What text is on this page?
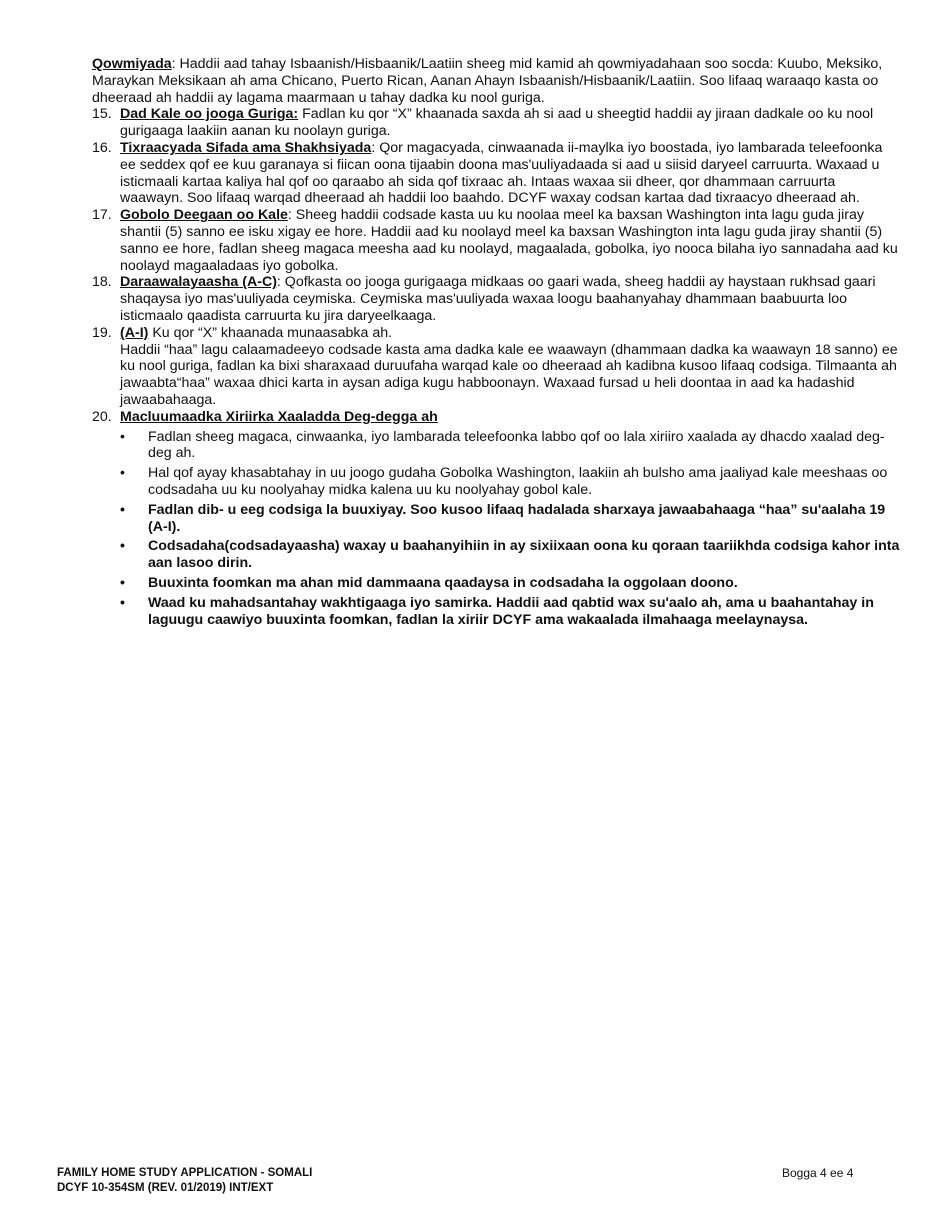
Qowmiyada: Haddii aad tahay Isbaanish/Hisbaanik/Laatiin sheeg mid kamid ah qowmiyadahaan soo socda: Kuubo, Meksiko, Maraykan Meksikaan ah ama Chicano, Puerto Rican, Aanan Ahayn Isbaanish/Hisbaanik/Laatiin. Soo lifaaq waraaqo kasta oo dheeraad ah haddii ay lagama maarmaan u tahay dadka ku nool guriga.

15. Dad Kale oo jooga Guriga: Fadlan ku qor “X” khaanada saxda ah si aad u sheegtid haddii ay jiraan dadkale oo ku nool gurigaaga laakiin aanan ku noolayn guriga.
16. Tixraacyada Sifada ama Shakhsiyada: Qor magacyada, cinwaanada ii-maylka iyo boostada, iyo lambarada teleefoonka ee seddex qof ee kuu garanaya si fiican oona tijaabin doona mas'uuliyadaada si aad u siisid daryeel carruurta. Waxaad u isticmaali kartaa kaliya hal qof oo qaraabo ah sida qof tixraac ah. Intaas waxaa sii dheer, qor dhammaan carruurta waawayn. Soo lifaaq warqad dheeraad ah haddii loo baahdo. DCYF waxay codsan kartaa dad tixraacyo dheeraad ah.
17. Gobolo Deegaan oo Kale: Sheeg haddii codsade kasta uu ku noolaa meel ka baxsan Washington inta lagu guda jiray shantii (5) sanno ee isku xigay ee hore. Haddii aad ku noolayd meel ka baxsan Washington inta lagu guda jiray shantii (5) sanno ee hore, fadlan sheeg magaca meesha aad ku noolayd, magaalada, gobolka, iyo nooca bilaha iyo sannadaha aad ku noolayd magaaladaas iyo gobolka.
18. Daraawalayaasha (A-C): Qofkasta oo jooga gurigaaga midkaas oo gaari wada, sheeg haddii ay haystaan rukhsad gaari shaqaysa iyo mas'uuliyada ceymiska. Ceymiska mas'uuliyada waxaa loogu baahanyahay dhammaan baabuurta loo isticmaalo qaadista carruurta ku jira daryeelkaaga.
19. (A-I) Ku qor “X” khaanada munaasabka ah.

Haddii “haa” lagu calaamadeeyo codsade kasta ama dadka kale ee waawayn (dhammaan dadka ka waawayn 18 sanno) ee ku nool guriga, fadlan ka bixi sharaxaad duruufaha warqad kale oo dheeraad ah kadibna kusoo lifaaq codsiga. Tilmaanta ah jawaabta“haa” waxaa dhici karta in aysan adiga kugu habboonayn. Waxaad fursad u heli doontaa in aad ka hadashid jawaabahaaga.

20. Macluumaadka Xiriirka Xaaladda Deg-degga ah
• Fadlan sheeg magaca, cinwaanka, iyo lambarada teleefoonka labbo qof oo lala xiriiro xaalada ay dhacdo xaalad deg-deg ah.
• Hal qof ayay khasabtahay in uu joogo gudaha Gobolka Washington, laakiin ah bulsho ama jaaliyad kale meeshaas oo codsadaha uu ku noolyahay midka kalena uu ku noolyahay gobol kale.
• Fadlan dib- u eeg codsiga la buuxiyay. Soo kusoo lifaaq hadalada sharxaya jawaabahaaga “haa” su'aalaha 19 (A-I).
• Codsadaha(codsadayaasha) waxay u baahanyihiin in ay sixiixaan oona ku qoraan taariikhda codsiga kahor inta aan lasoo dirin.
• Buuxinta foomkan ma ahan mid dammaana qaadaysa in codsadaha la oggolaan doono.
• Waad ku mahadsantahay wakhtigaaga iyo samirka. Haddii aad qabtid wax su'aalo ah, ama u baahantahay in laguugu caawiyo buuxinta foomkan, fadlan la xiriir DCYF ama wakaalada ilmahaaga meelaynaysa.
FAMILY HOME STUDY APPLICATION - SOMALI
DCYF 10-354SM (REV. 01/2019) INT/EXT
Bogga 4 ee 4
